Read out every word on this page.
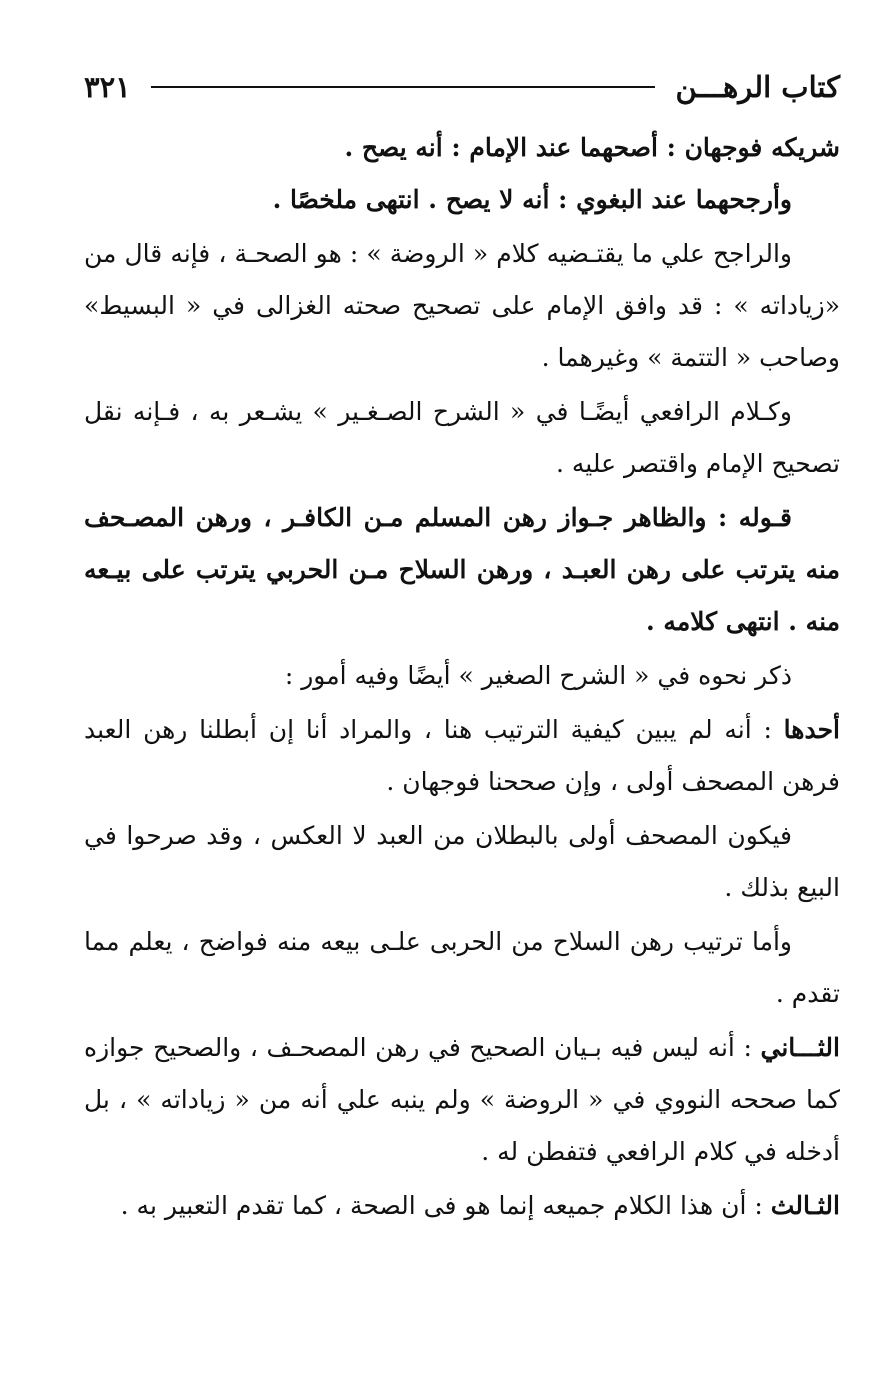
كتاب الرهـــن
٣٢١

شريكه فوجهان : أصحهما عند الإمام : أنه يصح .

وأرجحهما عند البغوي : أنه لا يصح . انتهى ملخصًا .

والراجح علي ما يقتـضيه كلام « الروضة » : هو الصحـة ، فإنه قال من «زياداته » : قد وافق الإمام على تصحيح صحته الغزالى في « البسيط» وصاحب « التتمة » وغيرهما .

وكـلام الرافعي أيضًـا في « الشرح الصـغـير » يشـعر به ، فـإنه نقل تصحيح الإمام واقتصر عليه .

قـوله : والظاهر جـواز رهن المسلم مـن الكافـر ، ورهن المصـحف منه يترتب على رهن العبـد ، ورهن السلاح مـن الحربي يترتب على بيـعه منه . انتهى كلامه .

ذكر نحوه في « الشرح الصغير » أيضًا وفيه أمور :

أحدها : أنه لم يبين كيفية الترتيب هنا ، والمراد أنا إن أبطلنا رهن العبد فرهن المصحف أولى ، وإن صححنا فوجهان .

فيكون المصحف أولى بالبطلان من العبد لا العكس ، وقد صرحوا في البيع بذلك .

وأما ترتيب رهن السلاح من الحربى علـى بيعه منه فواضح ، يعلم مما تقدم .

الثـــاني : أنه ليس فيه بـيان الصحيح في رهن المصحـف ، والصحيح جوازه كما صححه النووي في « الروضة » ولم ينبه علي أنه من « زياداته » ، بل أدخله في كلام الرافعي فتفطن له .

الثـالث : أن هذا الكلام جميعه إنما هو فى الصحة ، كما تقدم التعبير به .
